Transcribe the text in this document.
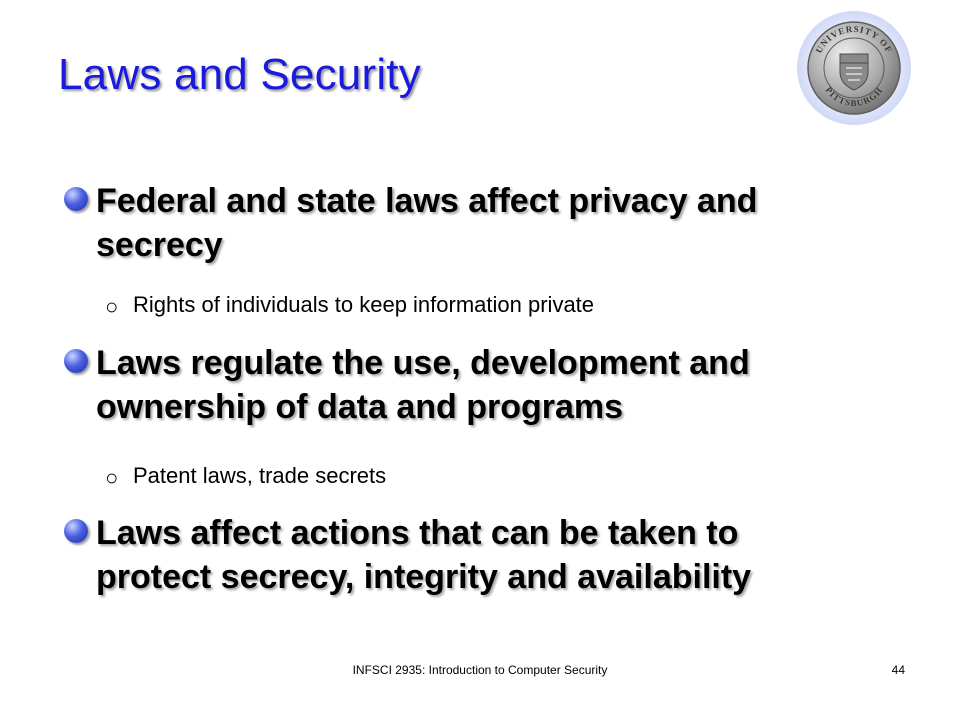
Laws and Security
UNIVERSITY OF
PITTSBURGH
Federal and state laws affect privacy and
secrecy
○ Rights of individuals to keep information private
Laws regulate the use, development and
ownership of data and programs
○ Patent laws, trade secrets
Laws affect actions that can be taken to
protect secrecy, integrity and availability
INFSCI 2935: Introduction to Computer Security	44
